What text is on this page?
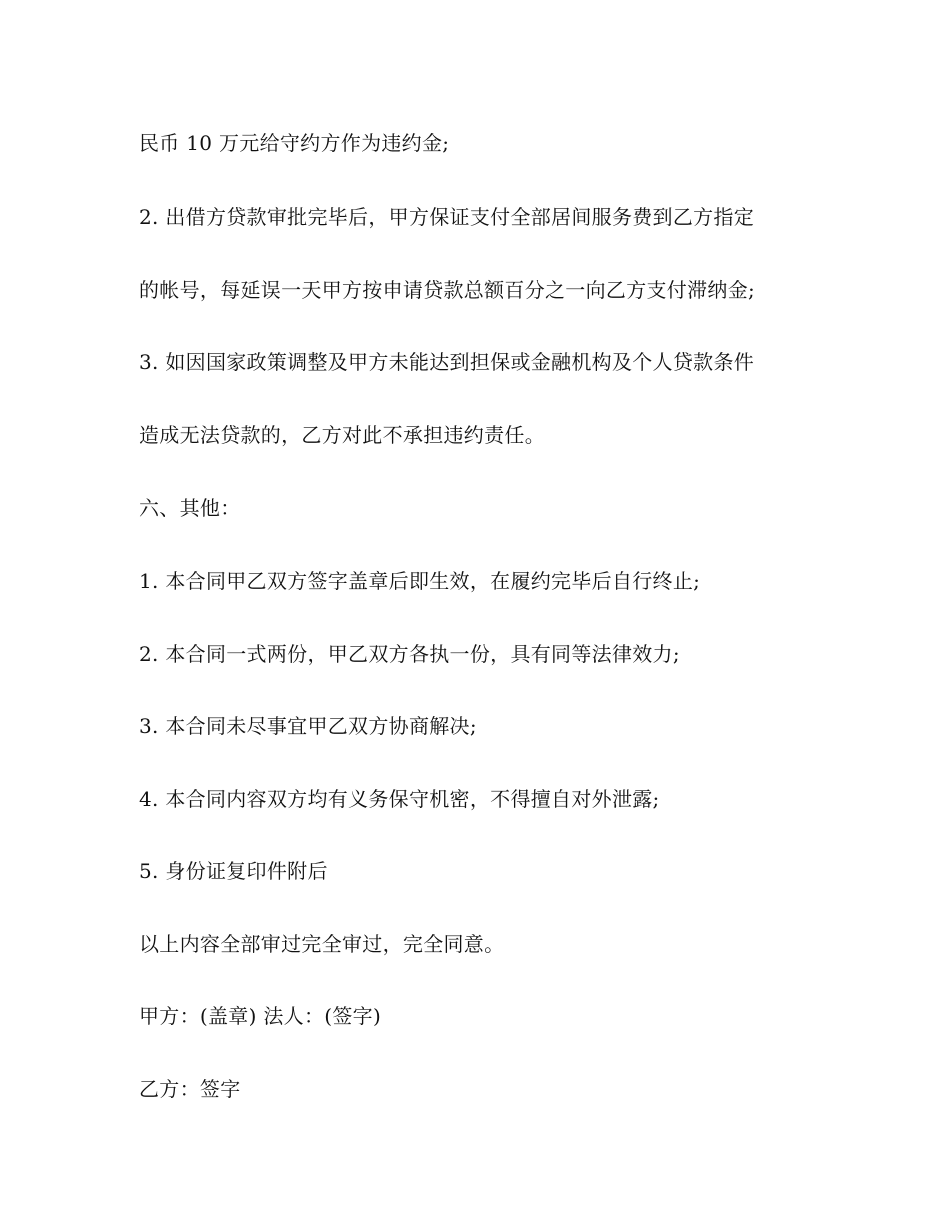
民币 10 万元给守约方作为违约金;

2. 出借方贷款审批完毕后，甲方保证支付全部居间服务费到乙方指定

的帐号，每延误一天甲方按申请贷款总额百分之一向乙方支付滞纳金;

3. 如因国家政策调整及甲方未能达到担保或金融机构及个人贷款条件

造成无法贷款的，乙方对此不承担违约责任。

六、其他：

1. 本合同甲乙双方签字盖章后即生效，在履约完毕后自行终止;

2. 本合同一式两份，甲乙双方各执一份，具有同等法律效力;

3. 本合同未尽事宜甲乙双方协商解决;

4. 本合同内容双方均有义务保守机密，不得擅自对外泄露;

5. 身份证复印件附后

以上内容全部审过完全审过，完全同意。

甲方：(盖章) 法人：(签字)

乙方：签字
